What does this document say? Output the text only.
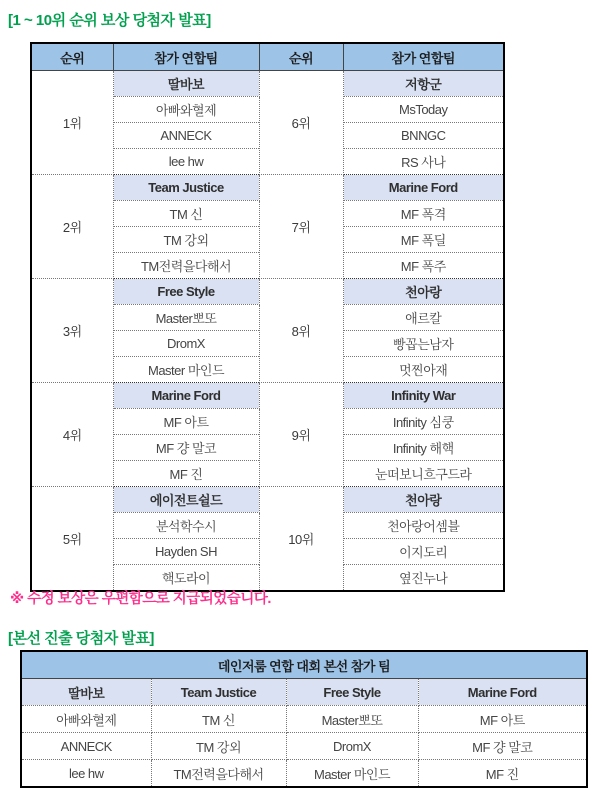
[1 ~ 10위 순위 보상 당첨자 발표]
순위	참가 연합팀	순위	참가 연합팀
1위	딸바보	6위	저항군
	아빠와혈제		MsToday
	ANNECK		BNNGC
	lee hw		RS 사나
2위	Team Justice	7위	Marine Ford
	TM 신		MF 폭격
	TM 강외		MF 폭딜
	TM전력을다해서		MF 폭주
3위	Free Style	8위	천아랑
	Master뽀또		애르칼
	DromX		빵꼽는남자
	Master 마인드		멋찐아재
4위	Marine Ford	9위	Infinity War
	MF 아트		Infinity 심쿵
	MF 걍 말코		Infinity 해핵
	MF 진		눈떠보니흐구드라
5위	에이전트쉴드	10위	천아랑
	분석학수시		천아랑어셈블
	Hayden SH		이지도리
	핵도라이		옆진누나
※ 수정 보상은 우편함으로 지급되었습니다.
[본선 진출 당첨자 발표]
데인저룸 연합 대회 본선 참가 팀			
딸바보	Team Justice	Free Style	Marine Ford
아빠와혈제	TM 신	Master뽀또	MF 아트
ANNECK	TM 강외	DromX	MF 걍 말코
lee hw	TM전력을다해서	Master 마인드	MF 진
